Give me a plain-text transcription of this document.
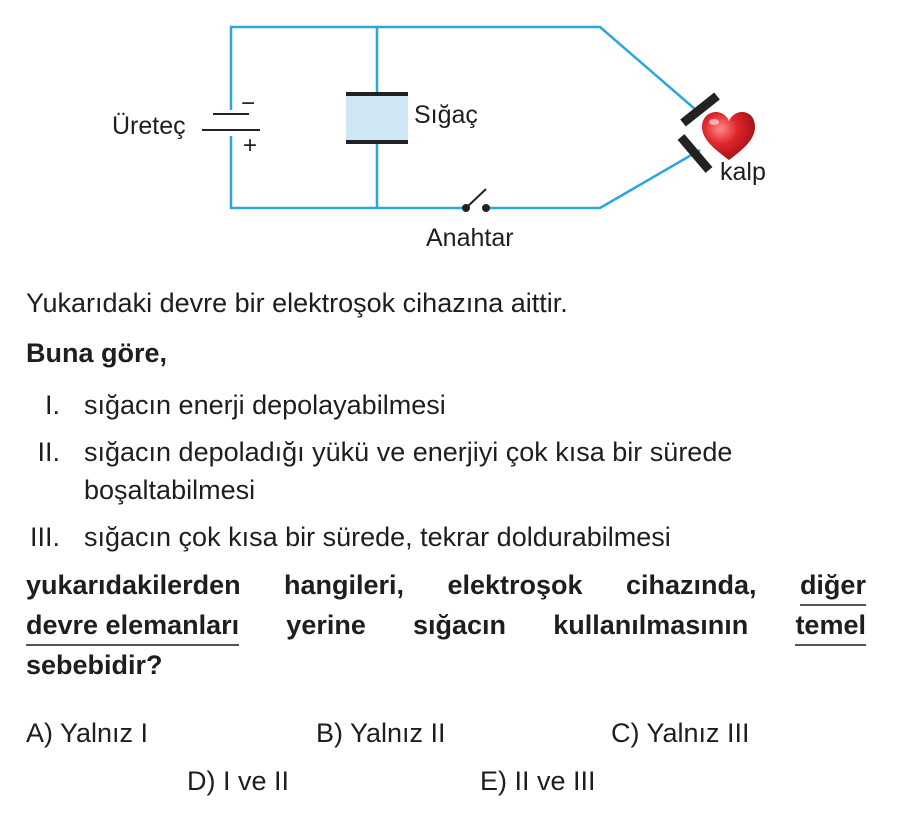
Üreteç
−
+
Sığaç
Anahtar
kalp
Yukarıdaki devre bir elektroşok cihazına aittir.
Buna göre,
I. sığacın enerji depolayabilmesi
II. sığacın depoladığı yükü ve enerjiyi çok kısa bir sürede
boşaltabilmesi
III. sığacın çok kısa bir sürede, tekrar doldurabilmesi
yukarıdakilerden hangileri, elektroşok cihazında, diğer
devre elemanları yerine sığacın kullanılmasının temel
sebebidir?
A) Yalnız I	B) Yalnız II	C) Yalnız III
D) I ve II	E) II ve III
